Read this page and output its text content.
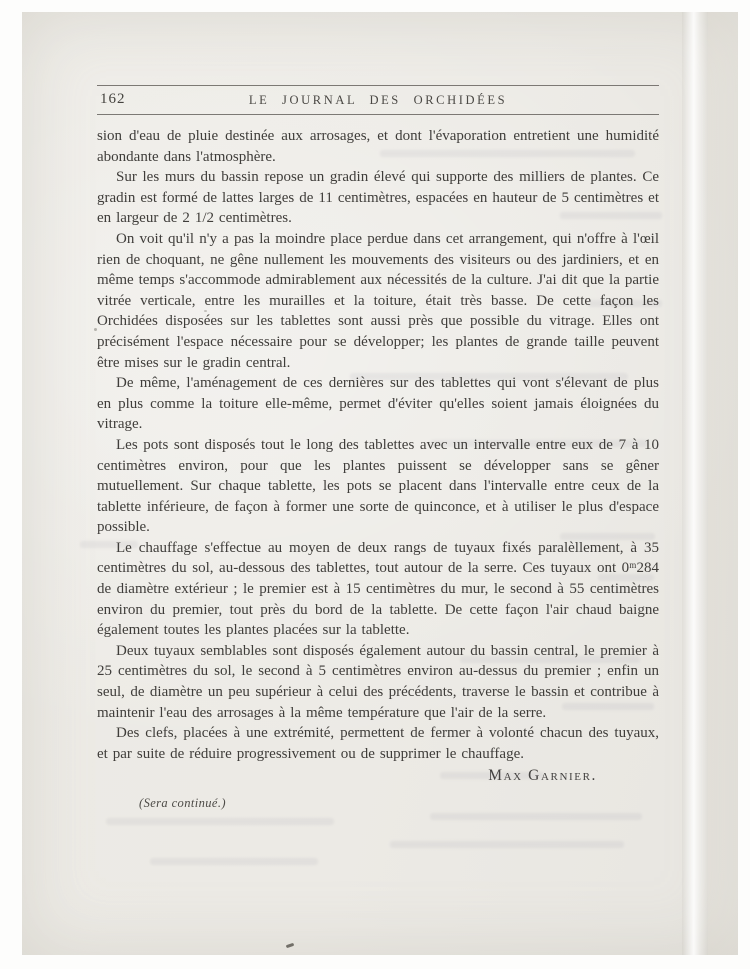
162	LE JOURNAL DES ORCHIDÉES

sion d'eau de pluie destinée aux arrosages, et dont l'évaporation entretient une humidité abondante dans l'atmosphère.

Sur les murs du bassin repose un gradin élevé qui supporte des milliers de plantes. Ce gradin est formé de lattes larges de 11 centimètres, espacées en hauteur de 5 centimètres et en largeur de 2 1/2 centimètres.

On voit qu'il n'y a pas la moindre place perdue dans cet arrangement, qui n'offre à l'œil rien de choquant, ne gêne nullement les mouvements des visiteurs ou des jardiniers, et en même temps s'accommode admirablement aux nécessités de la culture. J'ai dit que la partie vitrée verticale, entre les murailles et la toiture, était très basse. De cette façon les Orchidées disposées sur les tablettes sont aussi près que possible du vitrage. Elles ont précisément l'espace nécessaire pour se développer; les plantes de grande taille peuvent être mises sur le gradin central.

De même, l'aménagement de ces dernières sur des tablettes qui vont s'élevant de plus en plus comme la toiture elle-même, permet d'éviter qu'elles soient jamais éloignées du vitrage.

Les pots sont disposés tout le long des tablettes avec un intervalle entre eux de 7 à 10 centimètres environ, pour que les plantes puissent se développer sans se gêner mutuellement. Sur chaque tablette, les pots se placent dans l'intervalle entre ceux de la tablette inférieure, de façon à former une sorte de quinconce, et à utiliser le plus d'espace possible.

Le chauffage s'effectue au moyen de deux rangs de tuyaux fixés paralèllement, à 35 centimètres du sol, au-dessous des tablettes, tout autour de la serre. Ces tuyaux ont 0ᵐ284 de diamètre extérieur ; le premier est à 15 centimètres du mur, le second à 55 centimètres environ du premier, tout près du bord de la tablette. De cette façon l'air chaud baigne également toutes les plantes placées sur la tablette.

Deux tuyaux semblables sont disposés également autour du bassin central, le premier à 25 centimètres du sol, le second à 5 centimètres environ au-dessus du premier ; enfin un seul, de diamètre un peu supérieur à celui des précédents, traverse le bassin et contribue à maintenir l'eau des arrosages à la même température que l'air de la serre.

Des clefs, placées à une extrémité, permettent de fermer à volonté chacun des tuyaux, et par suite de réduire progressivement ou de supprimer le chauffage.

Max Garnier.
(Sera continué.)
